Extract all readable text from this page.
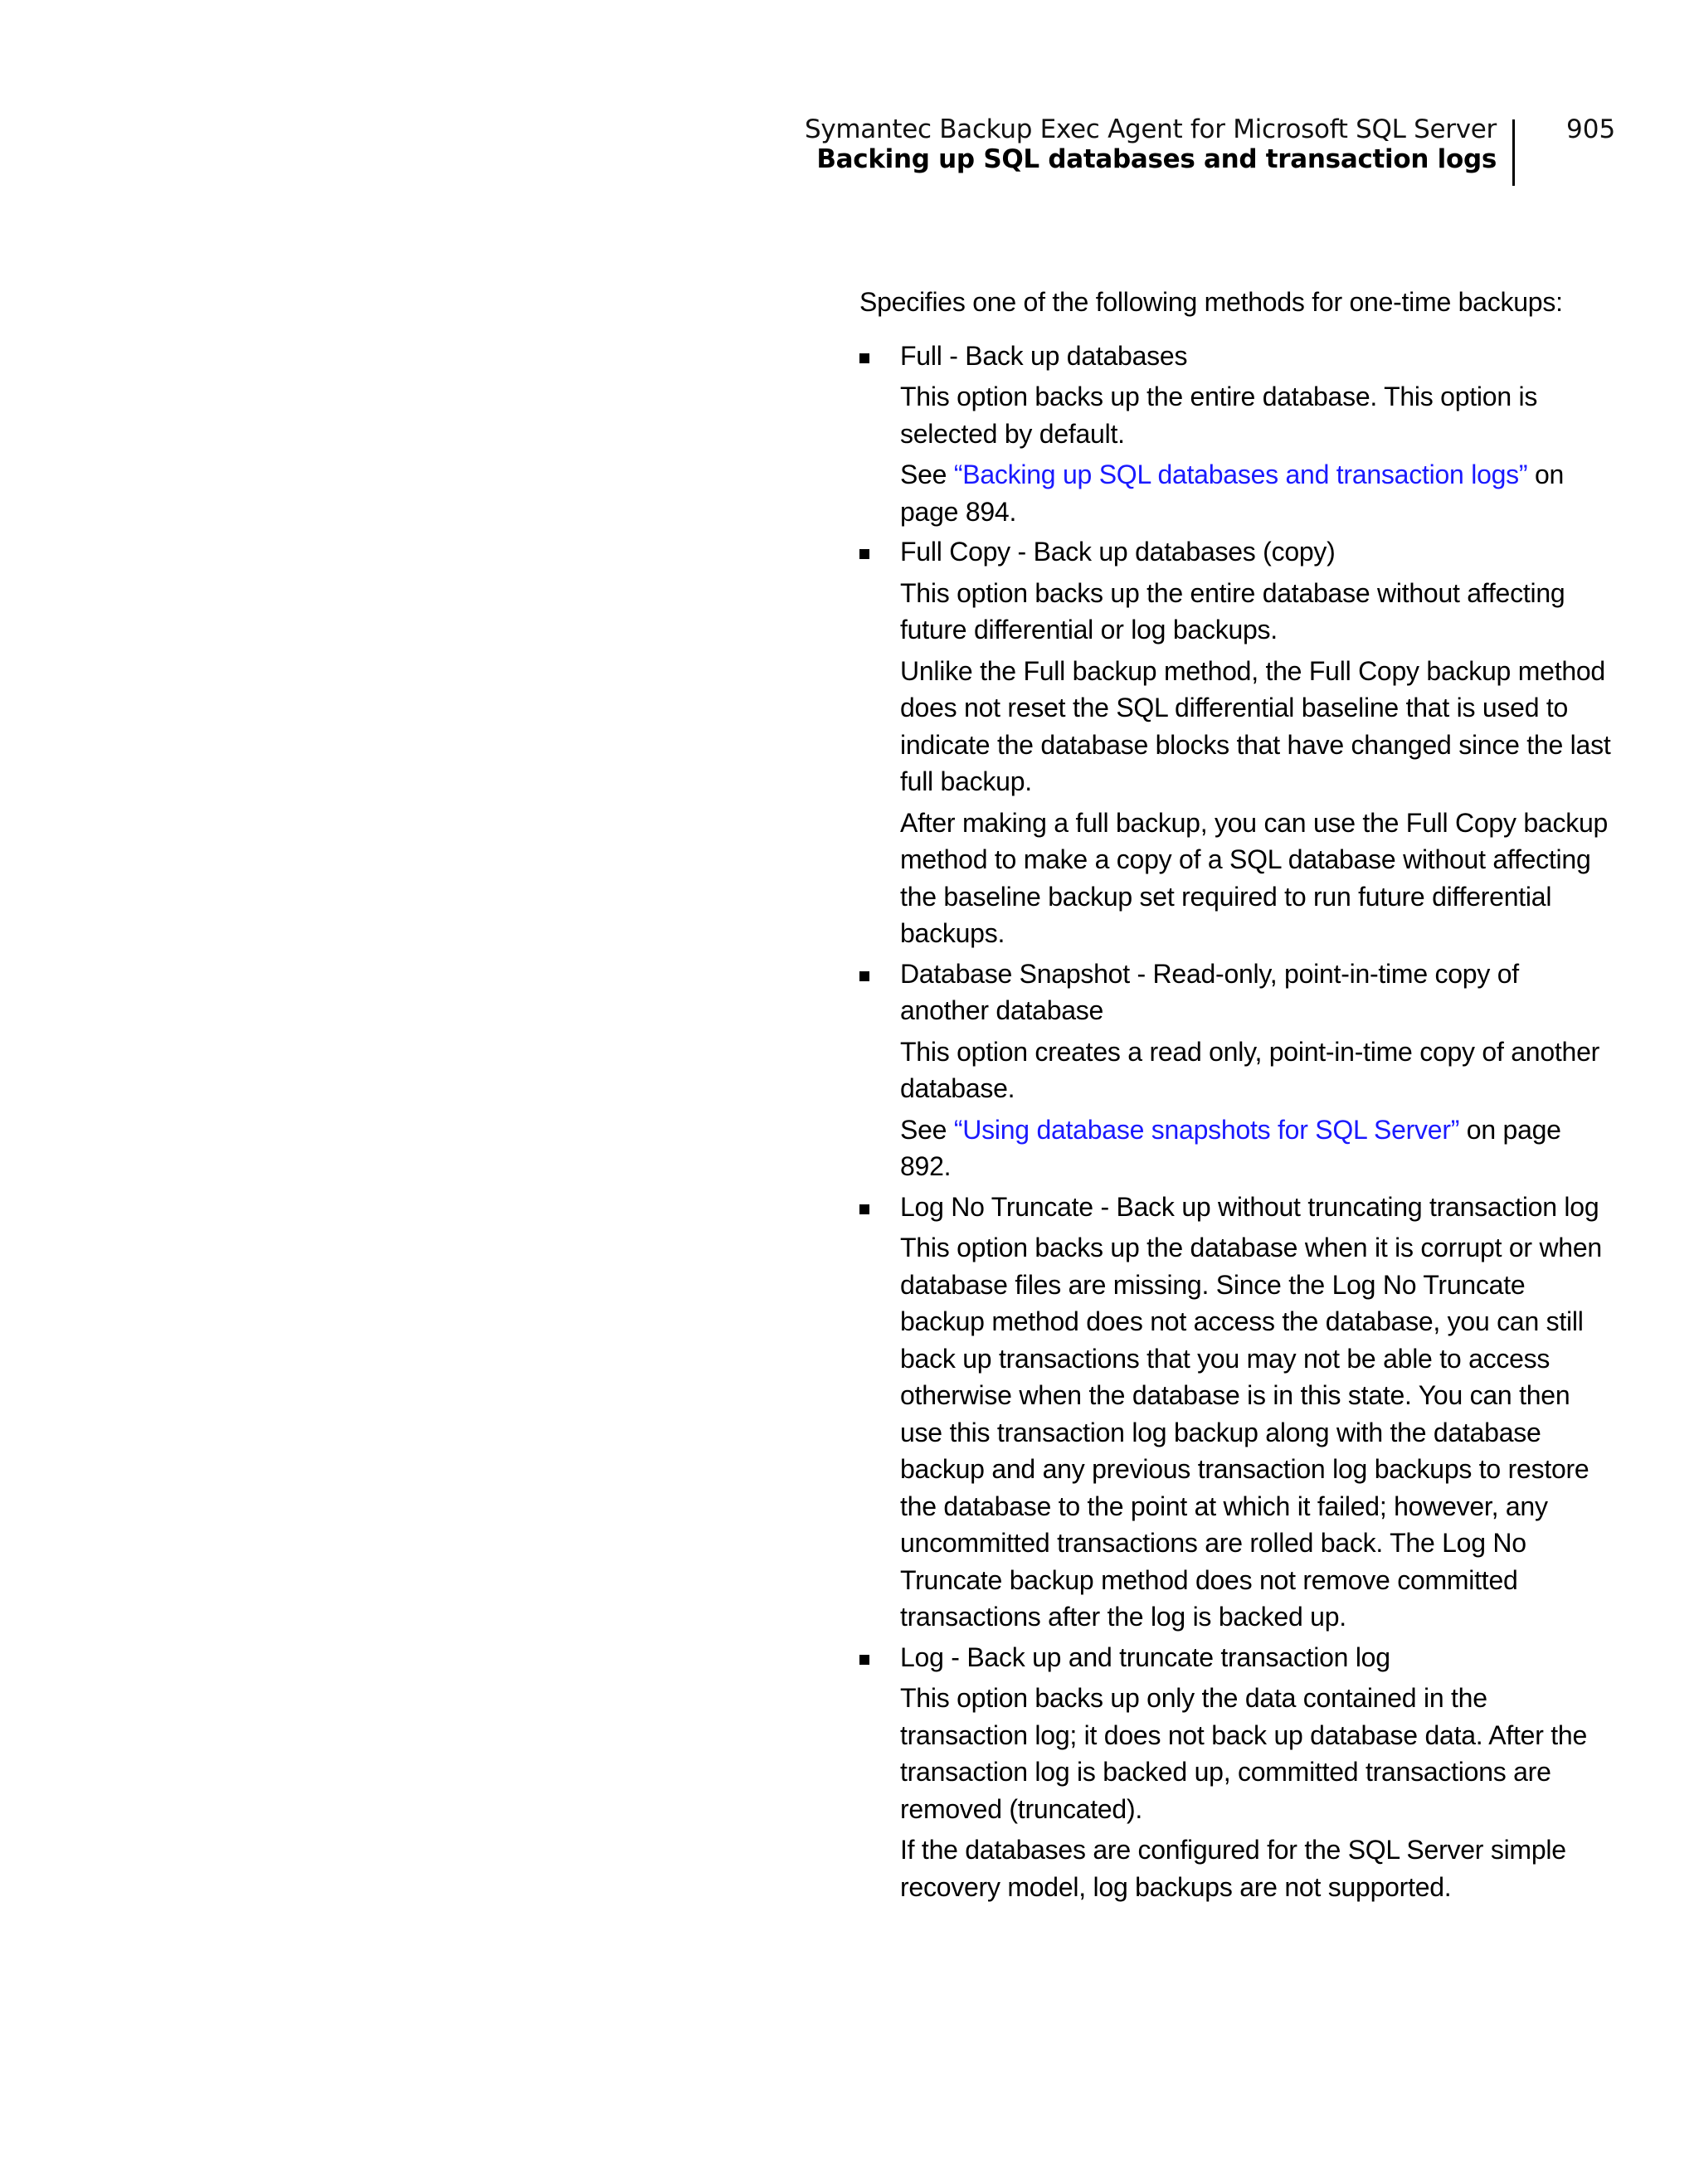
Symantec Backup Exec Agent for Microsoft SQL Server
Backing up SQL databases and transaction logs
905

Specifies one of the following methods for one-time backups:

Full - Back up databases

This option backs up the entire database. This option is selected by default.

See “Backing up SQL databases and transaction logs” on page 894.

Full Copy - Back up databases (copy)

This option backs up the entire database without affecting future differential or log backups.

Unlike the Full backup method, the Full Copy backup method does not reset the SQL differential baseline that is used to indicate the database blocks that have changed since the last full backup.

After making a full backup, you can use the Full Copy backup method to make a copy of a SQL database without affecting the baseline backup set required to run future differential backups.

Database Snapshot - Read-only, point-in-time copy of another database

This option creates a read only, point-in-time copy of another database.

See “Using database snapshots for SQL Server” on page 892.

Log No Truncate - Back up without truncating transaction log

This option backs up the database when it is corrupt or when database files are missing. Since the Log No Truncate backup method does not access the database, you can still back up transactions that you may not be able to access otherwise when the database is in this state. You can then use this transaction log backup along with the database backup and any previous transaction log backups to restore the database to the point at which it failed; however, any uncommitted transactions are rolled back. The Log No Truncate backup method does not remove committed transactions after the log is backed up.

Log - Back up and truncate transaction log

This option backs up only the data contained in the transaction log; it does not back up database data. After the transaction log is backed up, committed transactions are removed (truncated).

If the databases are configured for the SQL Server simple recovery model, log backups are not supported.
